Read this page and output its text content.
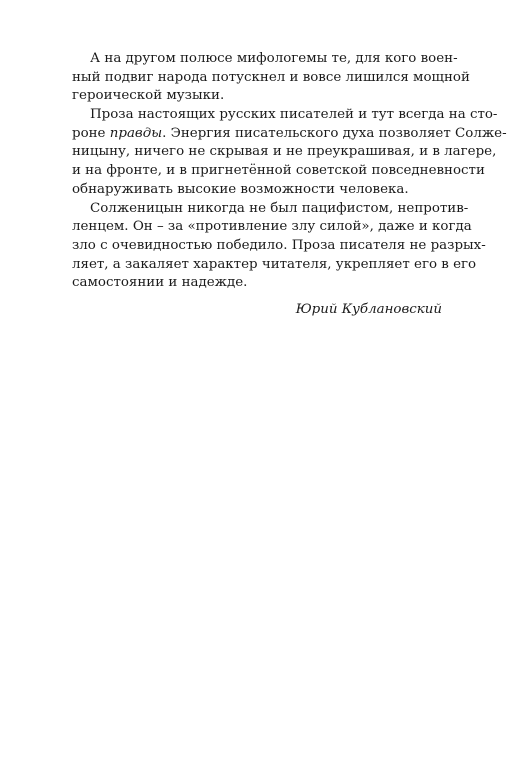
А на другом полюсе мифологемы те, для кого воен-
ный подвиг народа потускнел и вовсе лишился мощной
героической музыки.
Проза настоящих русских писателей и тут всегда на сто-
роне правды. Энергия писательского духа позволяет Солже-
ницыну, ничего не скрывая и не преукрашивая, и в лагере,
и на фронте, и в пригнетённой советской повседневности
обнаруживать высокие возможности человека.
Солженицын никогда не был пацифистом, непротив-
ленцем. Он – за «противление злу силой», даже и когда
зло с очевидностью победило. Проза писателя не разрых-
ляет, а закаляет характер читателя, укрепляет его в его
самостоянии и надежде.
Юрий Кублановский
